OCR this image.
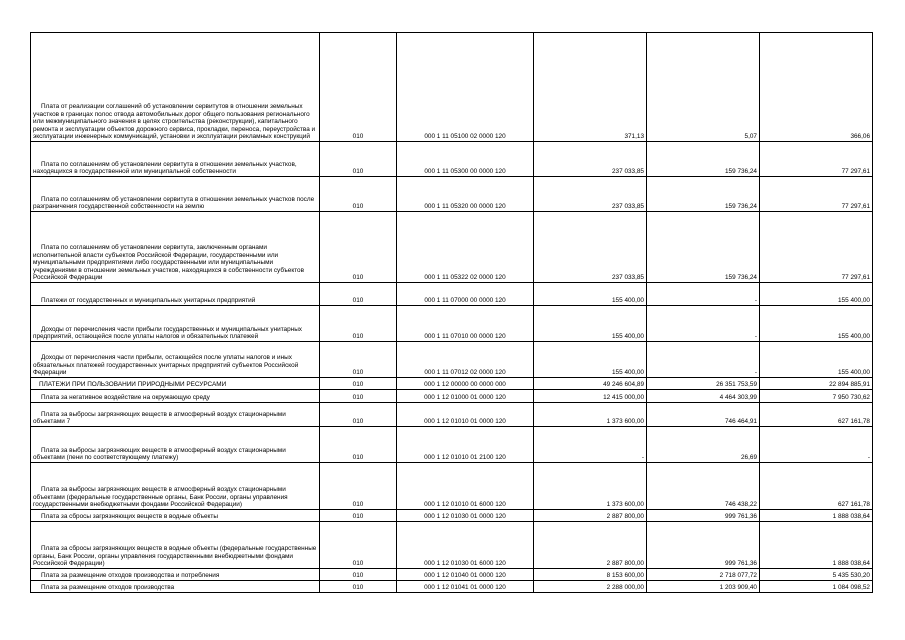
Плата от реализации соглашений об установлении сервитутов в отношении земельных участков в границах полос отвода автомобильных дорог общего пользования регионального или межмуниципального значения в целях строительства (реконструкции), капитального ремонта и эксплуатации объектов дорожного сервиса, прокладки, переноса, переустройства и эксплуатации инженерных коммуникаций, установки и эксплуатации рекламных конструкций	010	000 1 11 05100 02 0000 120	371,13	5,07	366,06
Плата по соглашениям об установлении сервитута в отношении земельных участков, находящихся в государственной или муниципальной собственности	010	000 1 11 05300 00 0000 120	237 033,85	159 736,24	77 297,61
Плата по соглашениям об установлении сервитута в отношении земельных участков после разграничения государственной собственности на землю	010	000 1 11 05320 00 0000 120	237 033,85	159 736,24	77 297,61
Плата по соглашениям об установлении сервитута, заключенным органами исполнительной власти субъектов Российской Федерации, государственными или муниципальными предприятиями либо государственными или муниципальными учреждениями в отношении земельных участков, находящихся в собственности субъектов Российской Федерации	010	000 1 11 05322 02 0000 120	237 033,85	159 736,24	77 297,61
Платежи от государственных и муниципальных унитарных предприятий	010	000 1 11 07000 00 0000 120	155 400,00	-	155 400,00
Доходы от перечисления части прибыли государственных и муниципальных унитарных предприятий, остающейся после уплаты налогов и обязательных платежей	010	000 1 11 07010 00 0000 120	155 400,00	-	155 400,00
Доходы от перечисления части прибыли, остающейся после уплаты налогов и иных обязательных платежей государственных унитарных предприятий субъектов Российской Федерации	010	000 1 11 07012 02 0000 120	155 400,00	-	155 400,00
ПЛАТЕЖИ ПРИ ПОЛЬЗОВАНИИ ПРИРОДНЫМИ РЕСУРСАМИ	010	000 1 12 00000 00 0000 000	49 246 604,89	26 351 753,59	22 894 885,91
Плата за негативное воздействие на окружающую среду	010	000 1 12 01000 01 0000 120	12 415 000,00	4 464 303,99	7 950 730,62
Плата за выбросы загрязняющих веществ в атмосферный воздух стационарными объектами 7	010	000 1 12 01010 01 0000 120	1 373 600,00	746 464,91	627 161,78
Плата за выбросы загрязняющих веществ в атмосферный воздух стационарными объектами (пени по соответствующему платежу)	010	000 1 12 01010 01 2100 120	-	26,69	-
Плата за выбросы загрязняющих веществ в атмосферный воздух стационарными объектами (федеральные государственные органы, Банк России, органы управления государственными внебюджетными фондами Российской Федерации)	010	000 1 12 01010 01 6000 120	1 373 600,00	746 438,22	627 161,78
Плата за сбросы загрязняющих веществ в водные объекты	010	000 1 12 01030 01 0000 120	2 887 800,00	999 761,36	1 888 038,64
Плата за сбросы загрязняющих веществ в водные объекты (федеральные государственные органы, Банк России, органы управления государственными внебюджетными фондами Российской Федерации)	010	000 1 12 01030 01 6000 120	2 887 800,00	999 761,36	1 888 038,64
Плата за размещение отходов производства и потребления	010	000 1 12 01040 01 0000 120	8 153 600,00	2 718 077,72	5 435 530,20
Плата за размещение отходов производства	010	000 1 12 01041 01 0000 120	2 288 000,00	1 203 909,40	1 084 098,52
